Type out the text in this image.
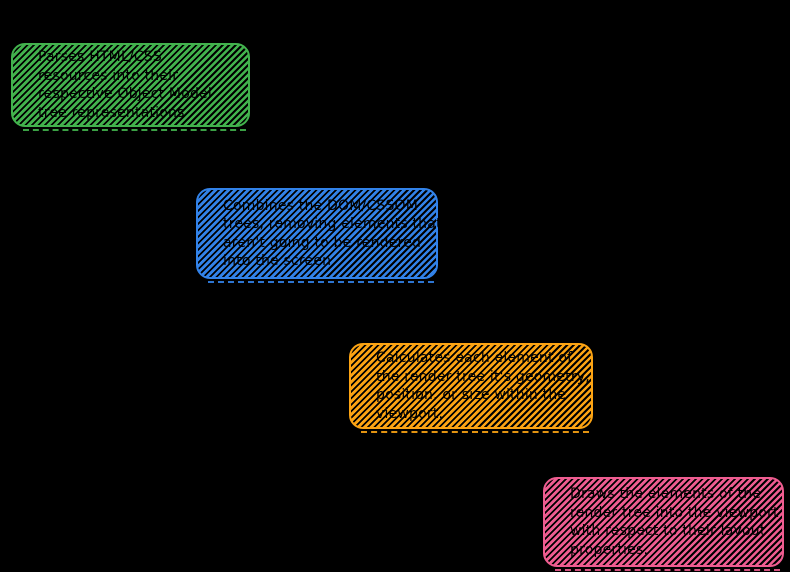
Parses HTML/CSS
resources into their
respective Object Model
tree representations
Combines the DOM/CSSOM
trees, removing elements that
aren't going to be rendered
into the screen
Calculates each element of
the render tree it's geometry,
position, or size within the
viewport.
Draws the elements of the
render tree into the viewport
with respect to their layout
properties.
